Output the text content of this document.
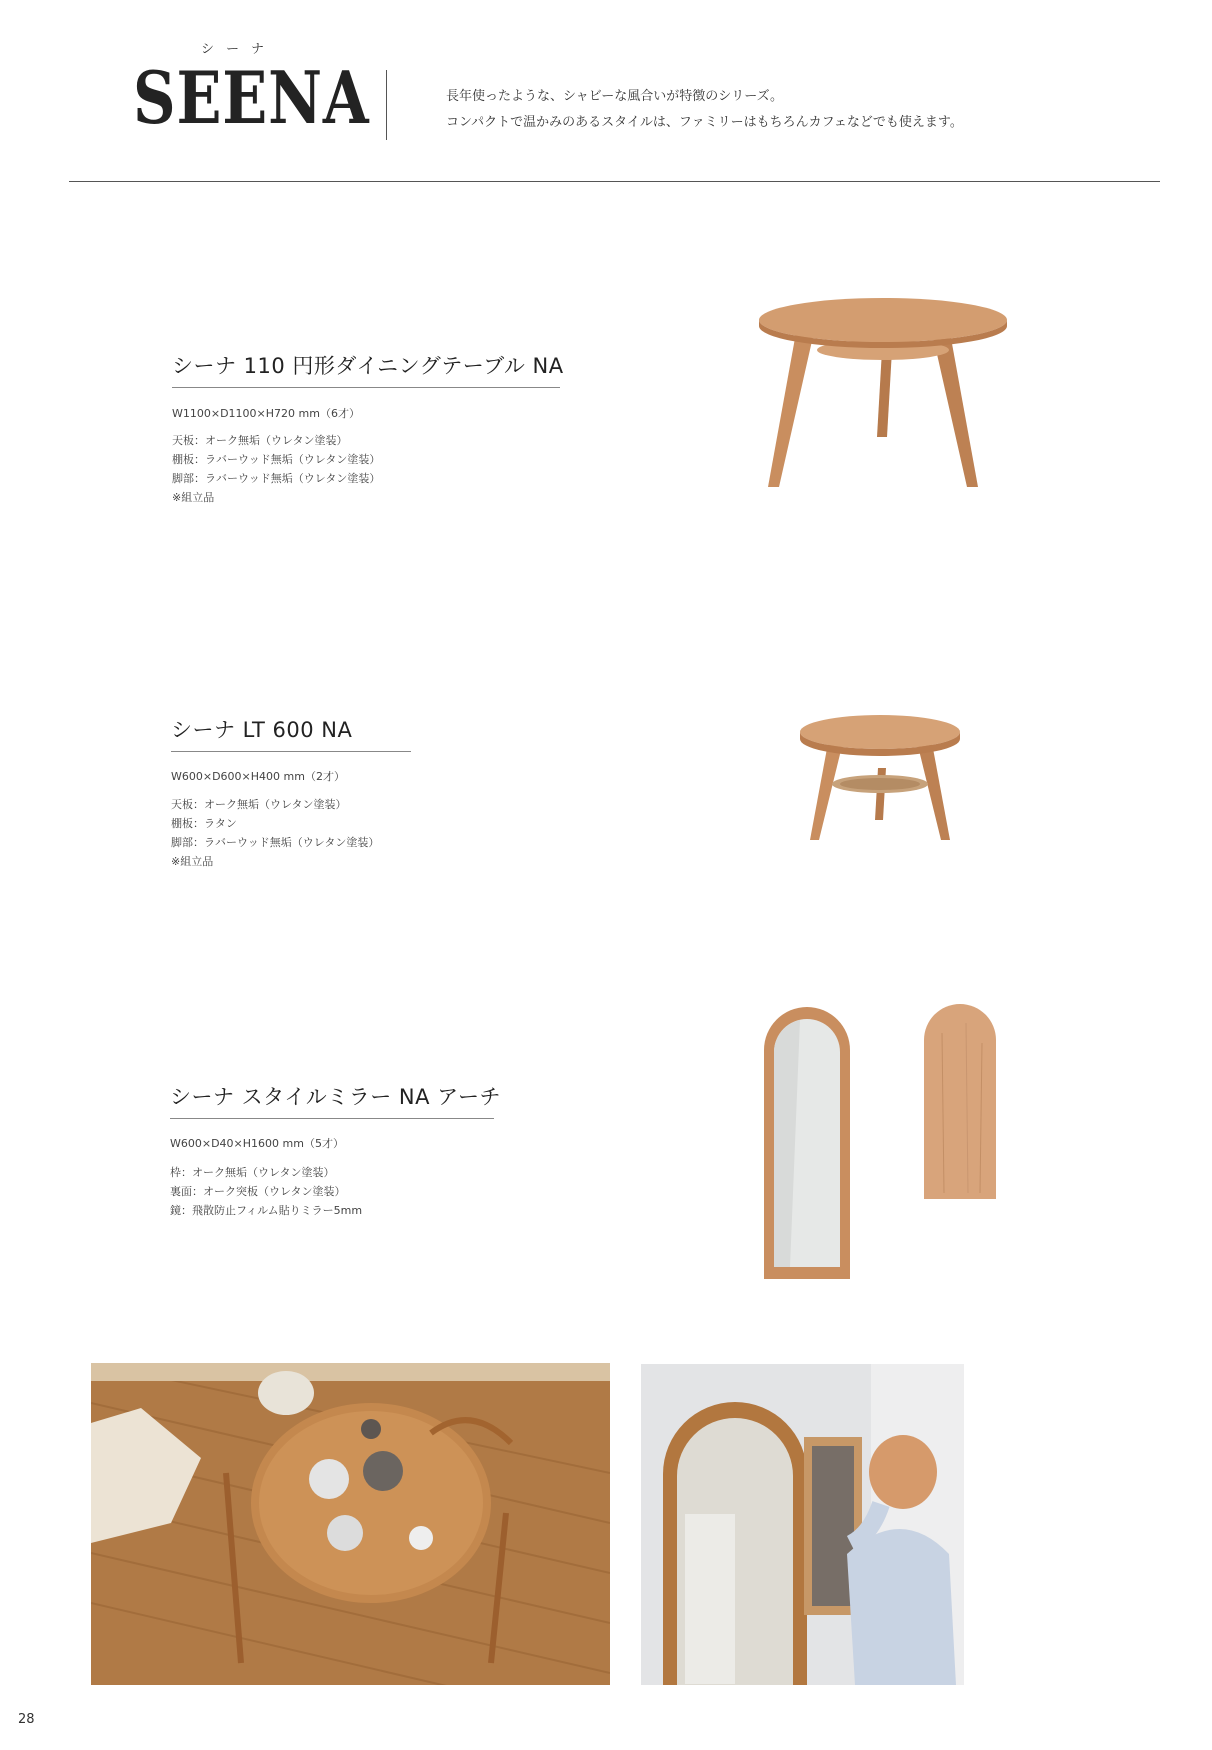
シーナ
SEENA	長年使ったような、シャビーな風合いが特徴のシリーズ。
コンパクトで温かみのあるスタイルは、ファミリーはもちろんカフェなどでも使えます。
シーナ 110 円形ダイニングテーブル NA
W1100×D1100×H720 mm（6才）
天板：オーク無垢（ウレタン塗装）
棚板：ラバーウッド無垢（ウレタン塗装）
脚部：ラバーウッド無垢（ウレタン塗装）
※組立品
シーナ LT 600 NA
W600×D600×H400 mm（2才）
天板：オーク無垢（ウレタン塗装）
棚板：ラタン
脚部：ラバーウッド無垢（ウレタン塗装）
※組立品
シーナ スタイルミラー NA アーチ
W600×D40×H1600 mm（5才）
枠：オーク無垢（ウレタン塗装）
裏面：オーク突板（ウレタン塗装）
鏡：飛散防止フィルム貼りミラー5mm
28
